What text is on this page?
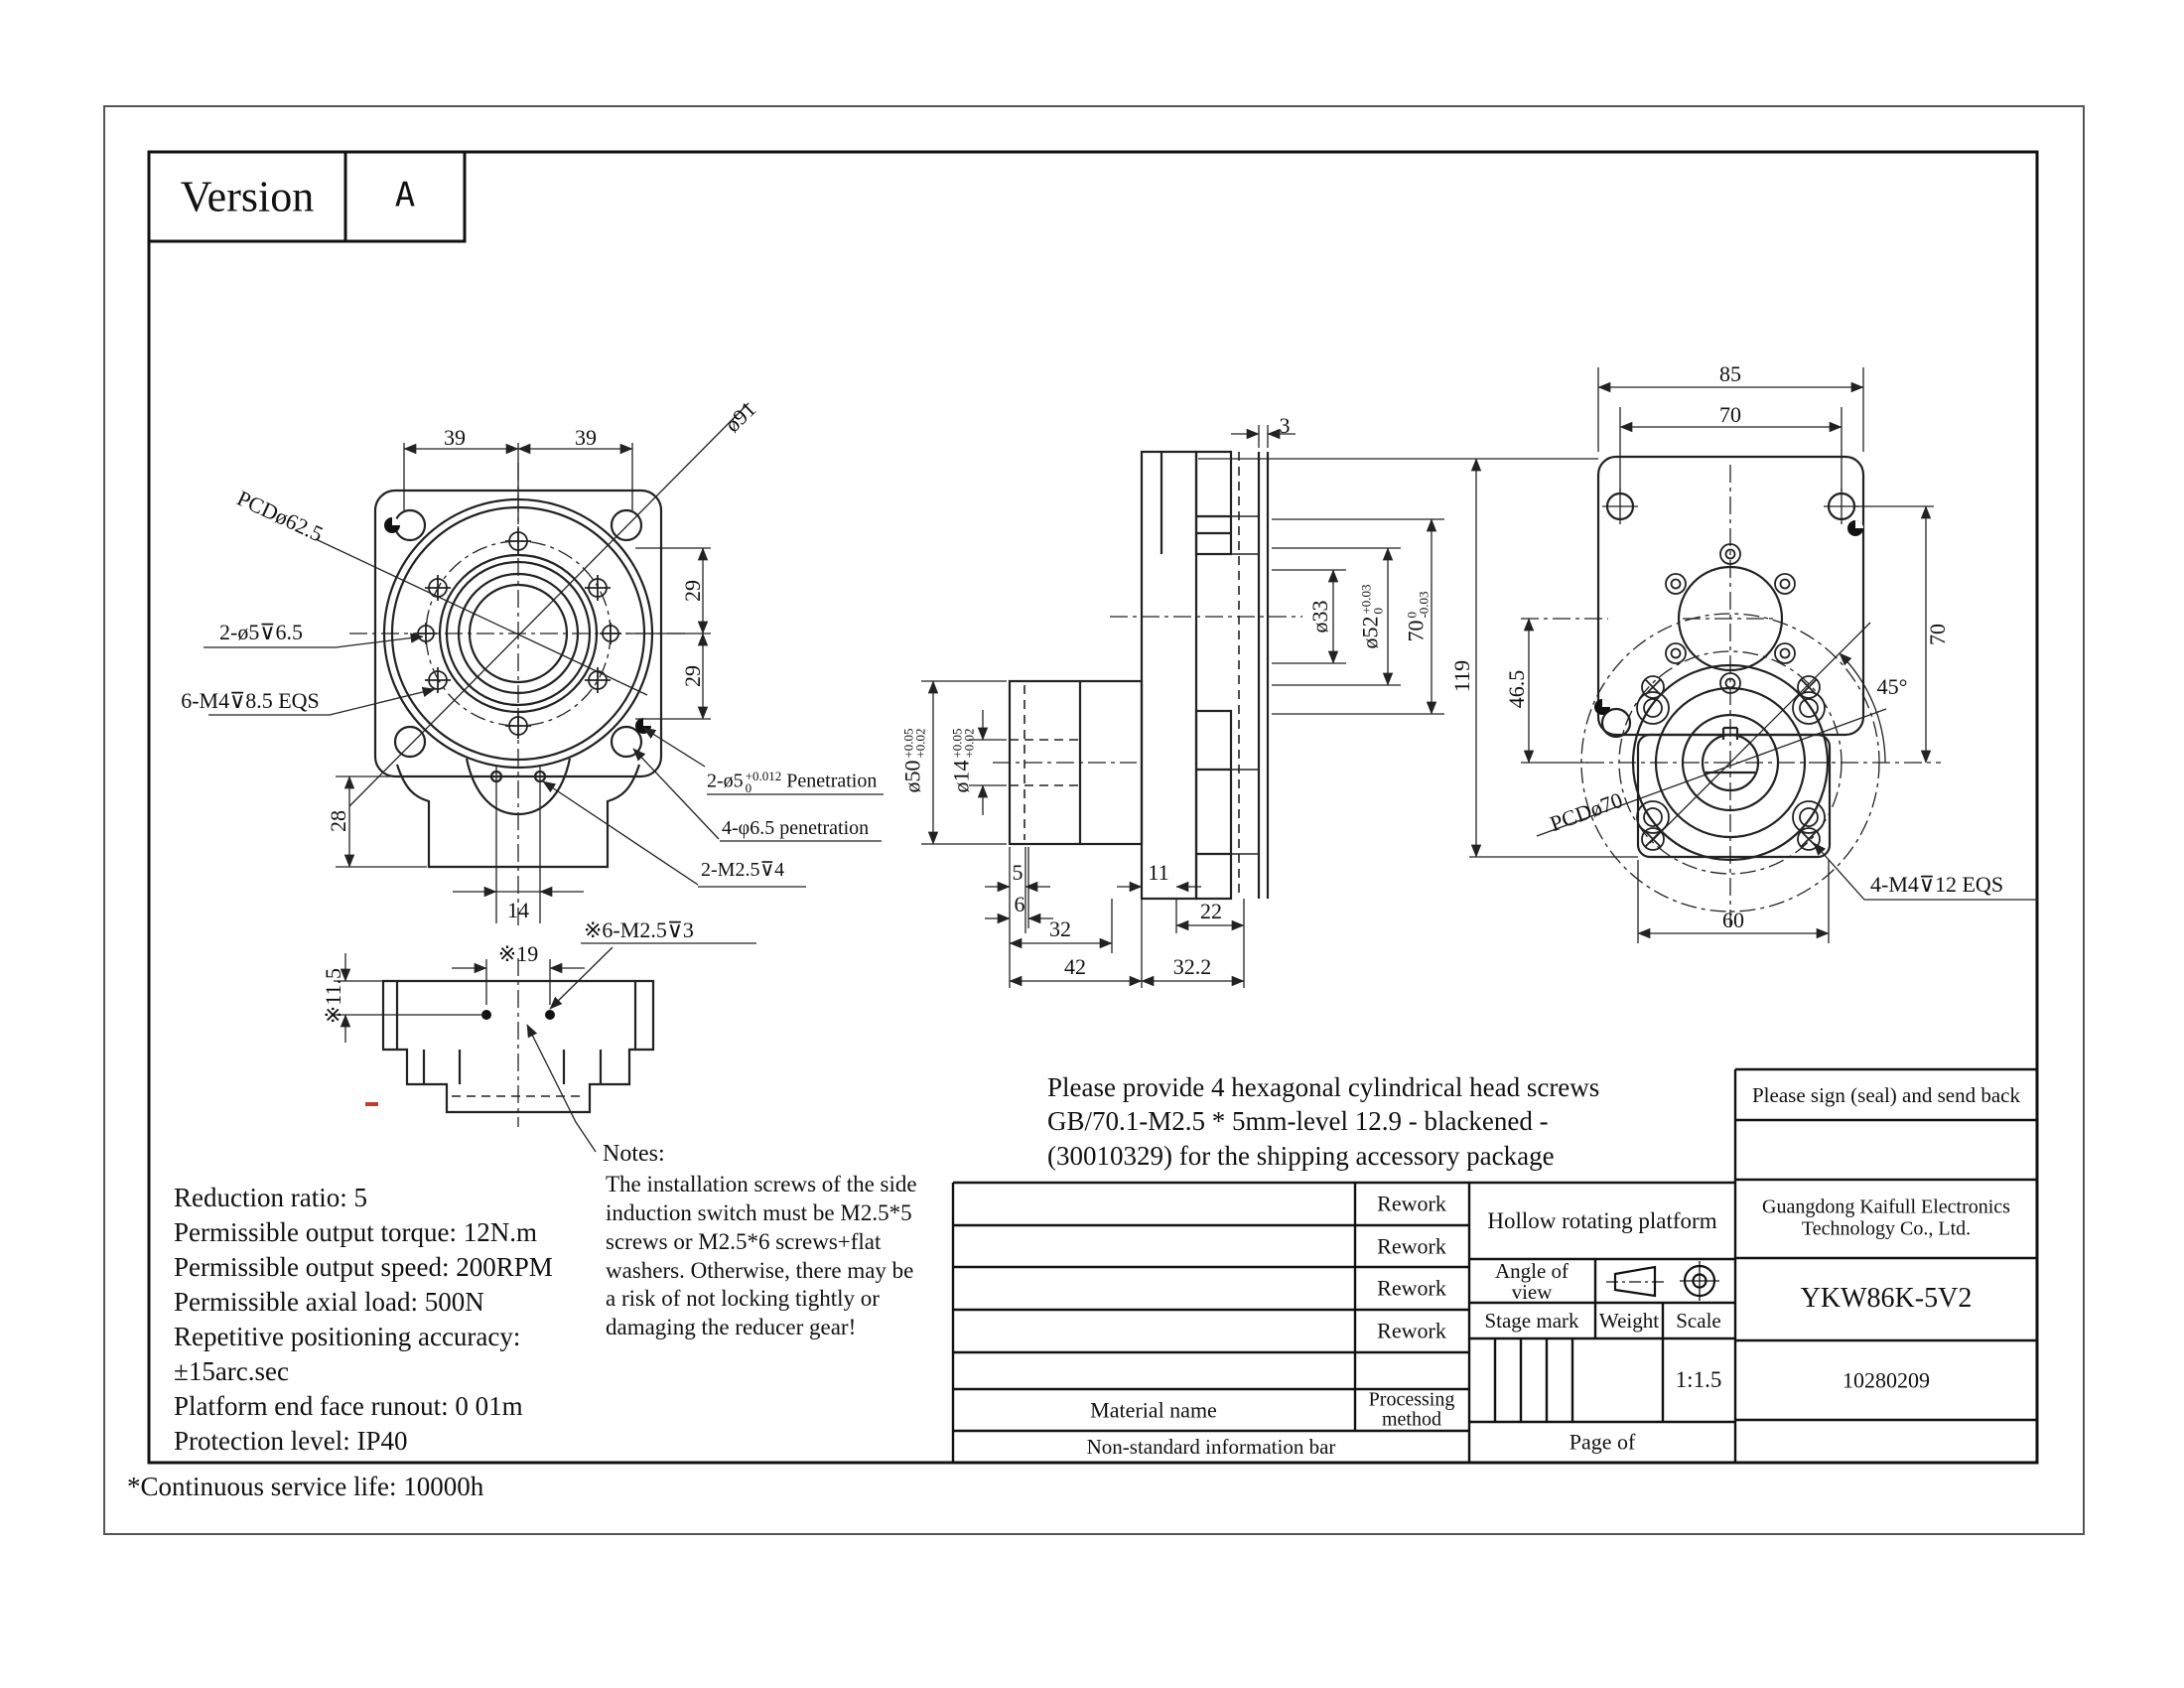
Version A
39	39
ø91
PCDø62.5
2-ø5⊽6.5
6-M4⊽8.5 EQS
29
29
28
14
2-ø5 +0.012
0	Penetration
4-φ6.5 penetration
2-M2.5⊽4
※19
※6-M2.5⊽3
※11.5
3
5
6
32
42
11
22
32.2
ø33 ø52
+0.03
0
70
0
-0.03
119
ø50
+0.05
+0.02
ø14
+0.05
+0.02
85
70
70
46.5	45°
PCDø70
4-M4⊽12 EQS
60
Please provide 4 hexagonal cylindrical head screws
GB/70.1-M2.5 * 5mm-level 12.9 - blackened -
(30010329) for the shipping accessory package
Notes:
The installation screws of the side
induction switch must be M2.5*5
screws or M2.5*6 screws+flat
washers. Otherwise, there may be
a risk of not locking tightly or
damaging the reducer gear!
Reduction ratio: 5
Permissible output torque: 12N.m
Permissible output speed: 200RPM
Permissible axial load: 500N
Repetitive positioning accuracy:
±15arc.sec
Platform end face runout: 0 01m
Protection level: IP40
Rework
Rework
Rework
Rework
Material name	Processing
method
Non-standard information bar
Hollow rotating platform
Angle of
view
Stage mark Weight Scale
1:1.5
Page of
Please sign (seal) and send back
Guangdong Kaifull Electronics
Technology Co., Ltd.
YKW86K-5V2
10280209
*Continuous service life: 10000h
